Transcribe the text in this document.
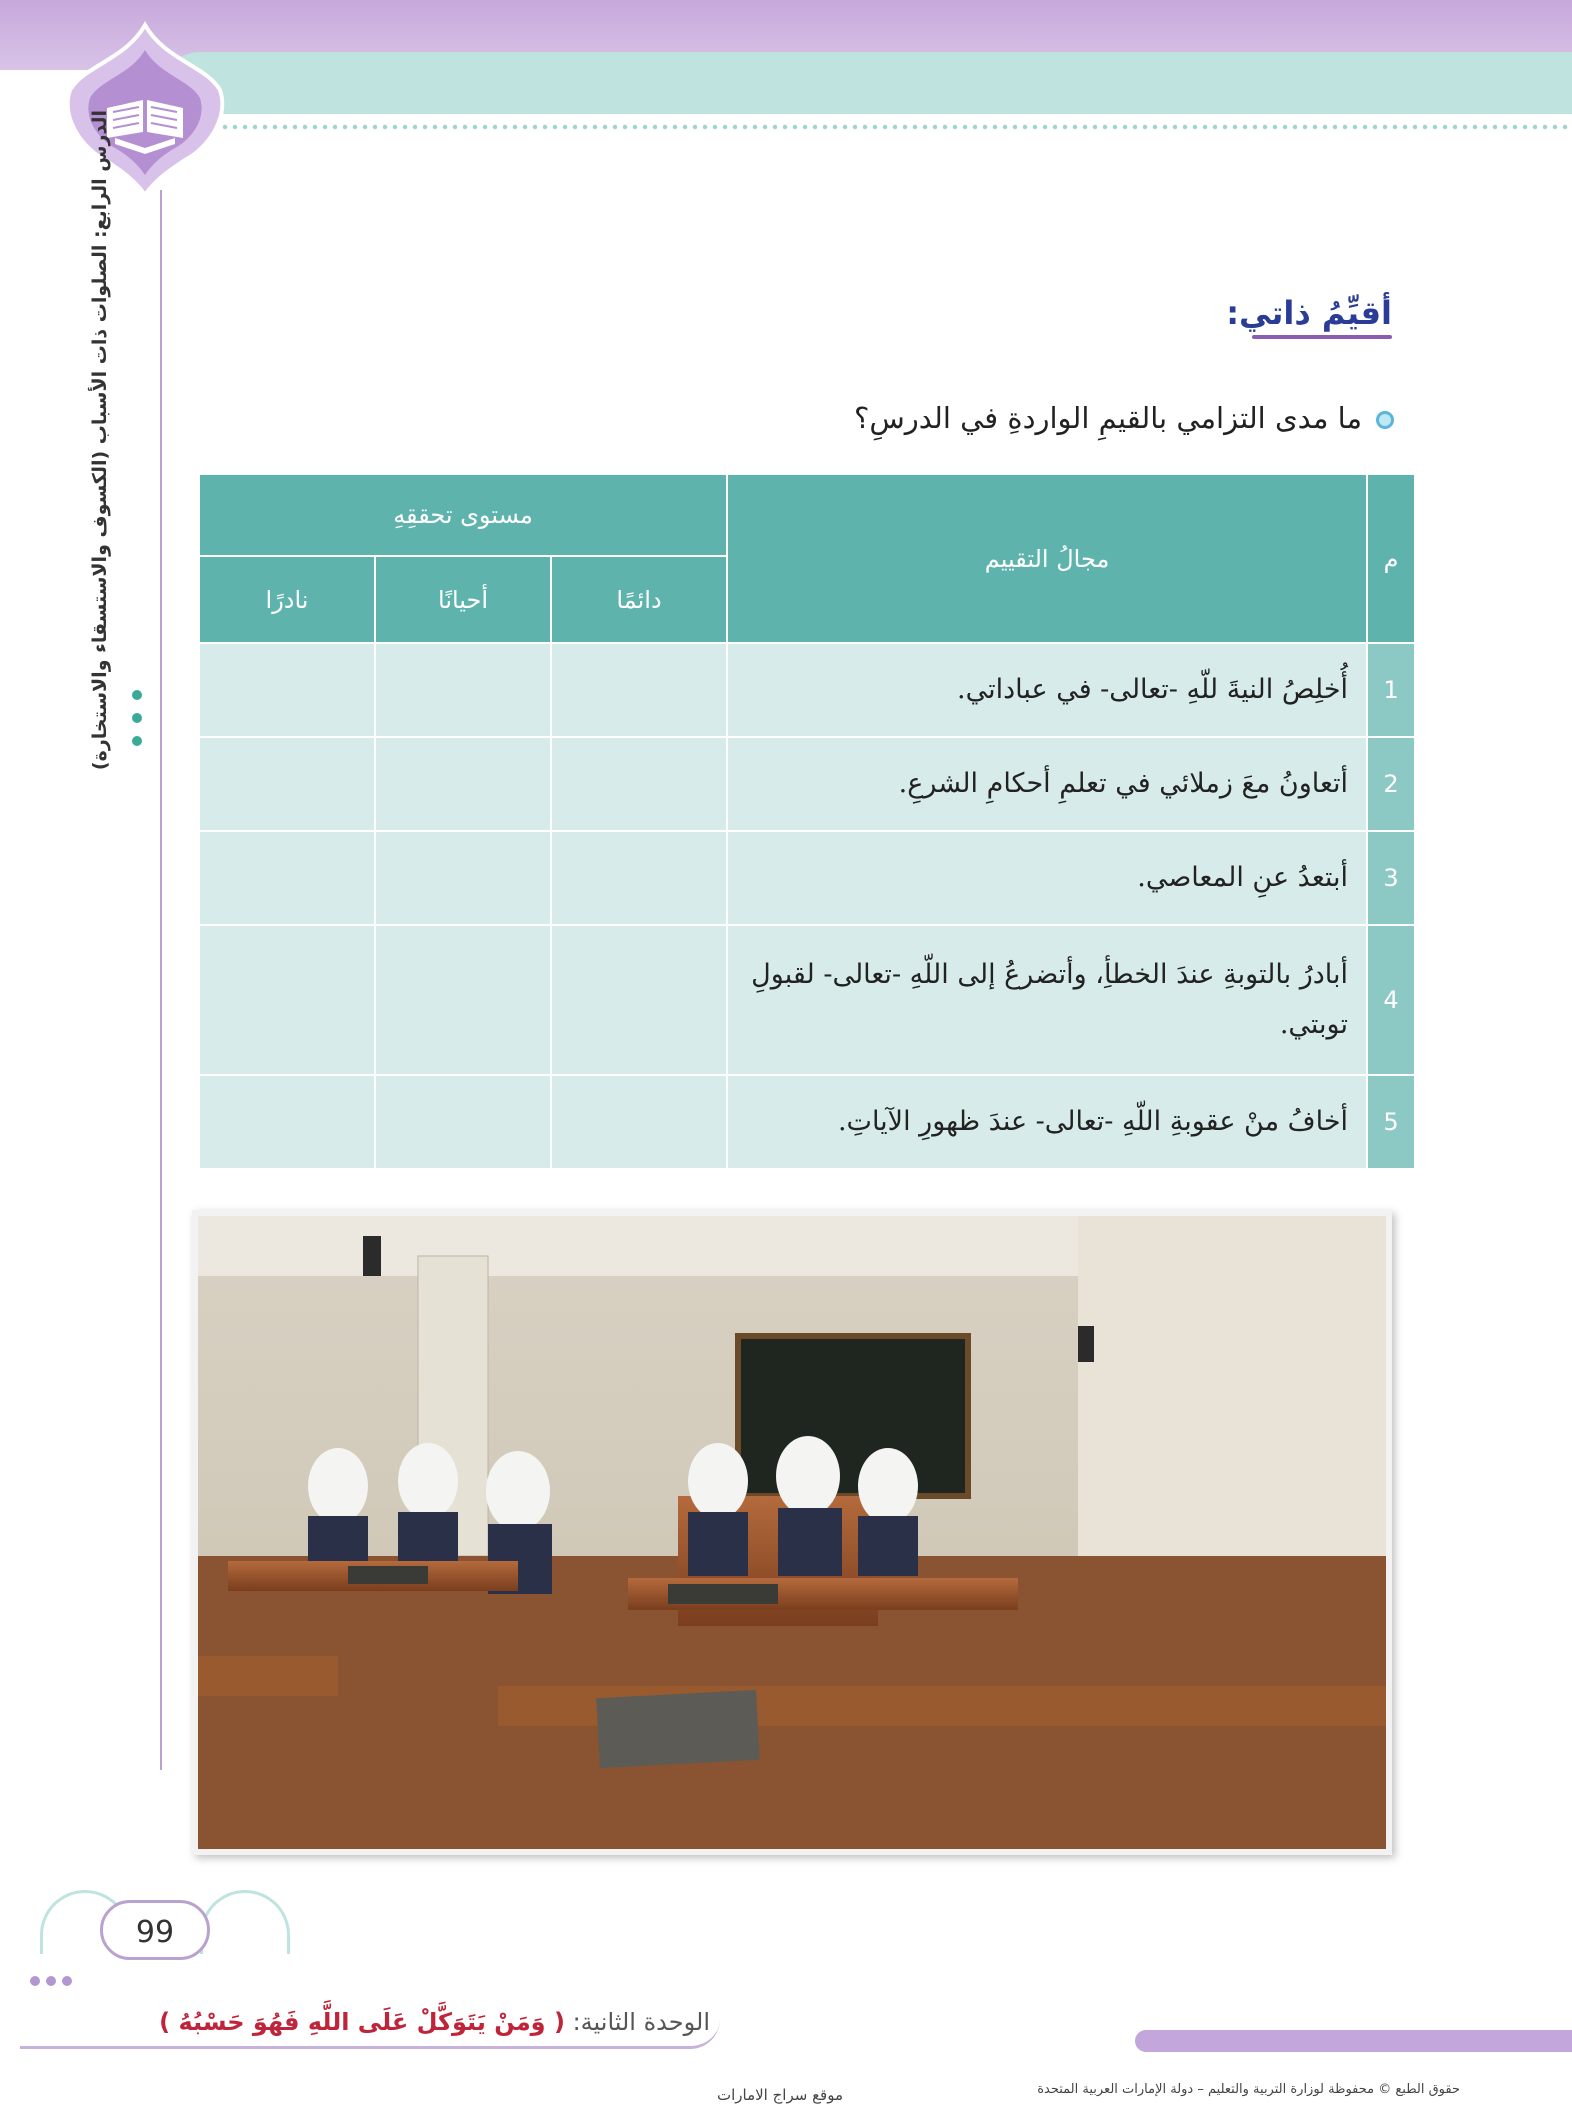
الدرس الرابع: الصلوات ذات الأسباب (الكسوف والاستسقاء والاستخارة)	أقيِّمُ ذاتي:
ما مدى التزامي بالقيمِ الواردةِ في الدرسِ؟
م	مجالُ التقييم	مستوى تحققِهِ		
		دائمًا	أحيانًا	نادرًا
1	أُخلِصُ النيةَ للّهِ -تعالى- في عباداتي.			
2	أتعاونُ معَ زملائي في تعلمِ أحكامِ الشرعِ.			
3	أبتعدُ عنِ المعاصي.			
4	أبادرُ بالتوبةِ عندَ الخطأِ، وأتضرعُ إلى اللّهِ -تعالى- لقبولِ توبتي.			
5	أخافُ منْ عقوبةِ اللّهِ -تعالى- عندَ ظهورِ الآياتِ.			
99
الوحدة الثانية: ( وَمَنْ يَتَوَكَّلْ عَلَى اللَّهِ فَهُوَ حَسْبُهُ )
حقوق الطبع © محفوظة لوزارة التربية والتعليم – دولة الإمارات العربية المتحدة
موقع سراج الامارات
